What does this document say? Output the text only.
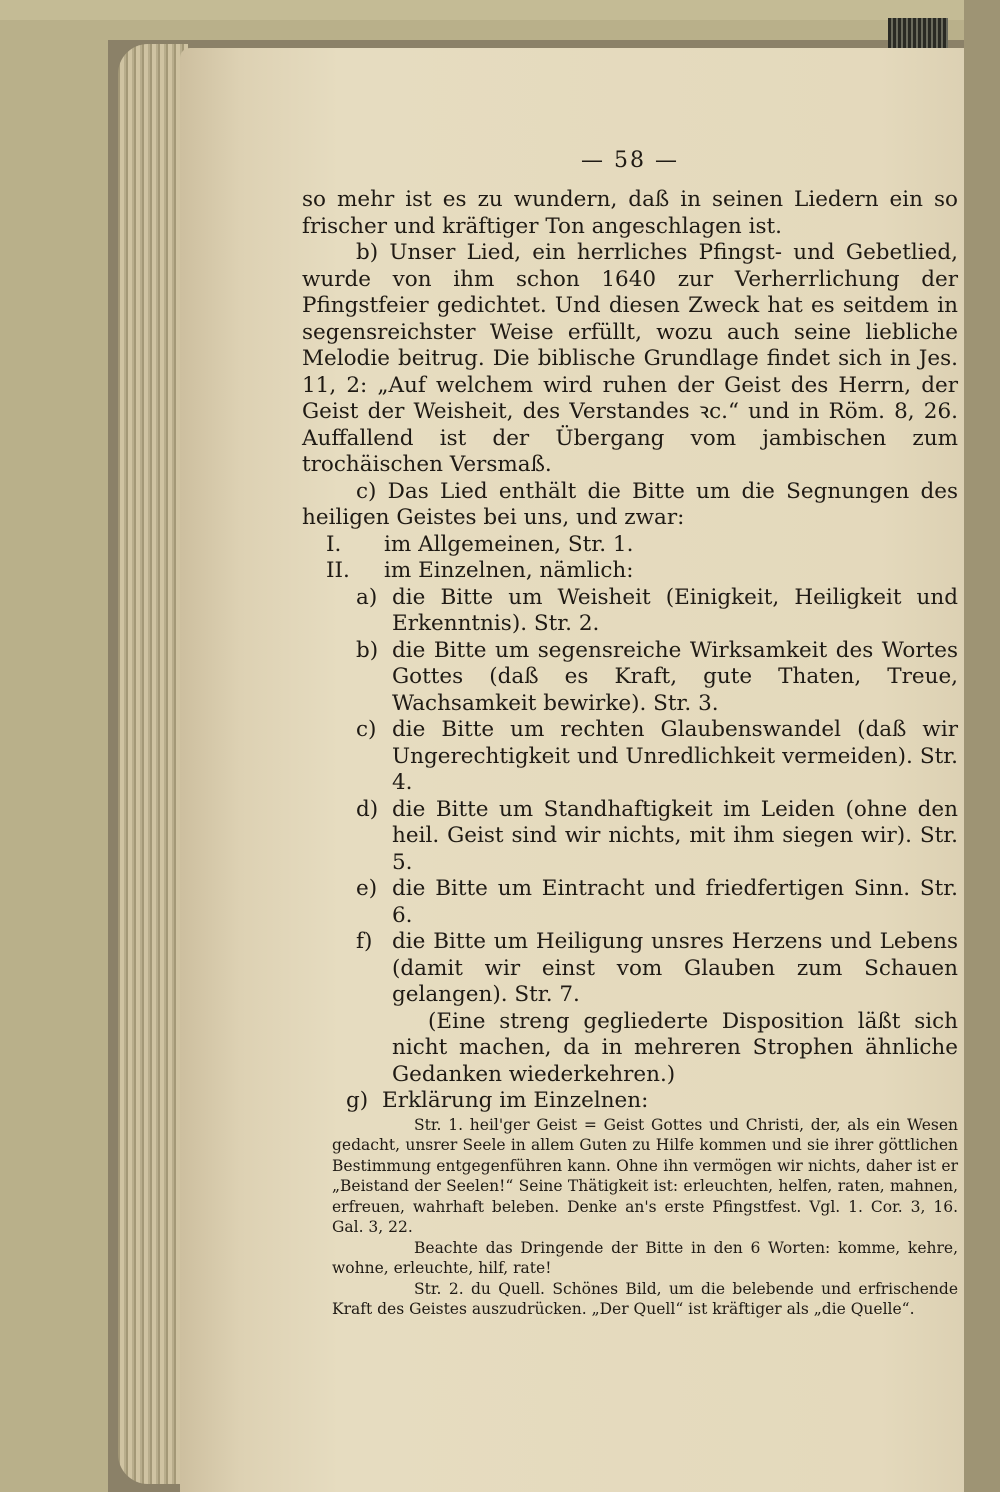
— 58 —

so mehr ist es zu wundern, daß in seinen Liedern ein so frischer und kräftiger Ton angeschlagen ist.

b) Unser Lied, ein herrliches Pfingst- und Gebetlied, wurde von ihm schon 1640 zur Verherrlichung der Pfingstfeier gedichtet. Und diesen Zweck hat es seitdem in segensreichster Weise erfüllt, wozu auch seine liebliche Melodie beitrug. Die biblische Grundlage findet sich in Jes. 11, 2: „Auf welchem wird ruhen der Geist des Herrn, der Geist der Weisheit, des Verstandes ꝛc.“ und in Röm. 8, 26. Auffallend ist der Übergang vom jambischen zum trochäischen Versmaß.

c) Das Lied enthält die Bitte um die Segnungen des heiligen Geistes bei uns, und zwar:

I.	im Allgemeinen, Str. 1.
II.	im Einzelnen, nämlich:
a) die Bitte um Weisheit (Einigkeit, Heiligkeit und Erkenntnis). Str. 2.
b) die Bitte um segensreiche Wirksamkeit des Wortes Gottes (daß es Kraft, gute Thaten, Treue, Wachsamkeit bewirke). Str. 3.
c) die Bitte um rechten Glaubenswandel (daß wir Ungerechtigkeit und Unredlichkeit vermeiden). Str. 4.
d) die Bitte um Standhaftigkeit im Leiden (ohne den heil. Geist sind wir nichts, mit ihm siegen wir). Str. 5.
e) die Bitte um Eintracht und friedfertigen Sinn. Str. 6.
f) die Bitte um Heiligung unsres Herzens und Lebens (damit wir einst vom Glauben zum Schauen gelangen). Str. 7.

(Eine streng gegliederte Disposition läßt sich nicht machen, da in mehreren Strophen ähnliche Gedanken wiederkehren.)

g) Erklärung im Einzelnen:

Str. 1. heil'ger Geist = Geist Gottes und Christi, der, als ein Wesen gedacht, unsrer Seele in allem Guten zu Hilfe kommen und sie ihrer göttlichen Bestimmung entgegenführen kann. Ohne ihn vermögen wir nichts, daher ist er „Beistand der Seelen!“ Seine Thätigkeit ist: erleuchten, helfen, raten, mahnen, erfreuen, wahrhaft beleben. Denke an's erste Pfingstfest. Vgl. 1. Cor. 3, 16. Gal. 3, 22.

Beachte das Dringende der Bitte in den 6 Worten: komme, kehre, wohne, erleuchte, hilf, rate!

Str. 2. du Quell. Schönes Bild, um die belebende und erfrischende Kraft des Geistes auszudrücken. „Der Quell“ ist kräftiger als „die Quelle“.
